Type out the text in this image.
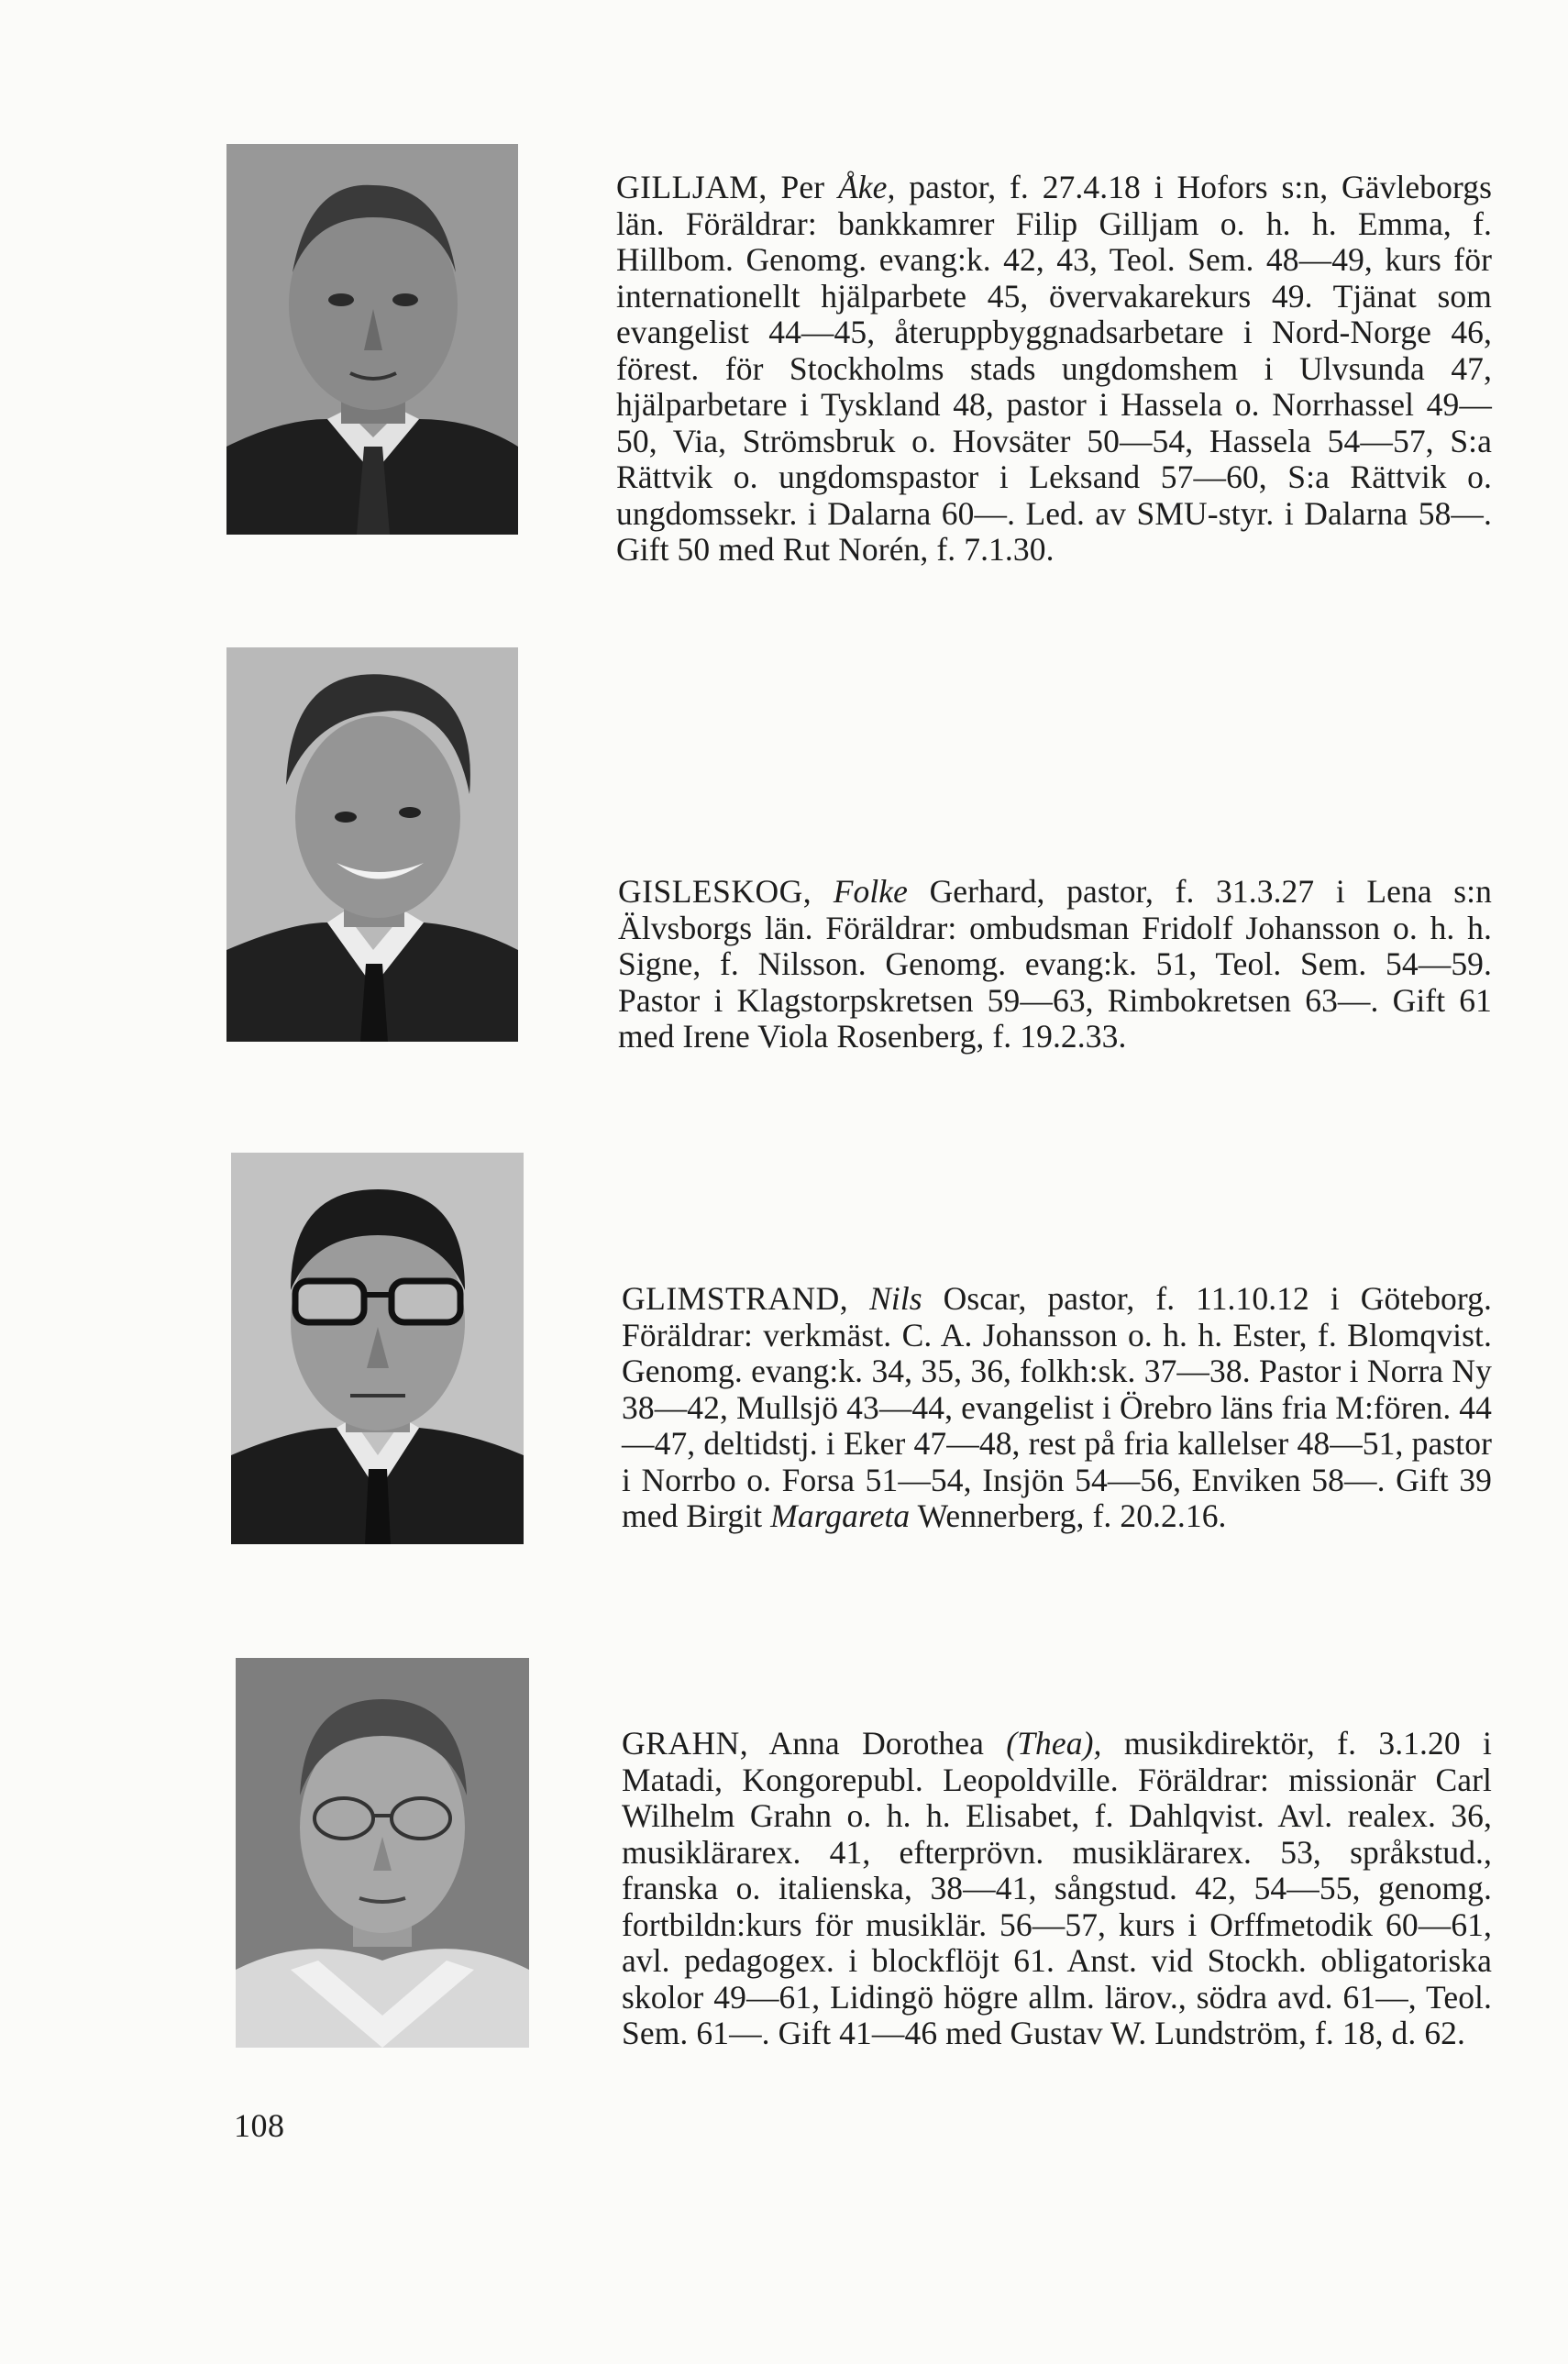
GILLJAM, Per Åke, pastor, f. 27.4.18 i Hofors s:n, Gävleborgs län. Föräldrar: bankkamrer Filip Gilljam o. h. h. Emma, f. Hillbom. Genomg. evang:k. 42, 43, Teol. Sem. 48—49, kurs för internationellt hjälparbete 45, övervakarekurs 49. Tjänat som evangelist 44—45, återuppbyggnadsarbetare i Nord-Norge 46, förest. för Stockholms stads ungdomshem i Ulvsunda 47, hjälparbetare i Tyskland 48, pastor i Hassela o. Norrhassel 49—50, Via, Strömsbruk o. Hovsäter 50—54, Hassela 54—57, S:a Rättvik o. ungdomspastor i Leksand 57—60, S:a Rättvik o. ungdomssekr. i Dalarna 60—. Led. av SMU-styr. i Dalarna 58—. Gift 50 med Rut Norén, f. 7.1.30.
GISLESKOG, Folke Gerhard, pastor, f. 31.3.27 i Lena s:n Älvsborgs län. Föräldrar: ombudsman Fridolf Johansson o. h. h. Signe, f. Nilsson. Genomg. evang:k. 51, Teol. Sem. 54—59. Pastor i Klagstorpskretsen 59—63, Rimbokretsen 63—. Gift 61 med Irene Viola Rosenberg, f. 19.2.33.
GLIMSTRAND, Nils Oscar, pastor, f. 11.10.12 i Göteborg. Föräldrar: verkmäst. C. A. Johansson o. h. h. Ester, f. Blomqvist. Genomg. evang:k. 34, 35, 36, folkh:sk. 37—38. Pastor i Norra Ny 38—42, Mullsjö 43—44, evangelist i Örebro läns fria M:fören. 44—47, deltidstj. i Eker 47—48, rest på fria kallelser 48—51, pastor i Norrbo o. Forsa 51—54, Insjön 54—56, Enviken 58—. Gift 39 med Birgit Margareta Wennerberg, f. 20.2.16.
GRAHN, Anna Dorothea (Thea), musikdirektör, f. 3.1.20 i Matadi, Kongorepubl. Leopoldville. Föräldrar: missionär Carl Wilhelm Grahn o. h. h. Elisabet, f. Dahlqvist. Avl. realex. 36, musiklärarex. 41, efterprövn. musiklärarex. 53, språkstud., franska o. italienska, 38—41, sångstud. 42, 54—55, genomg. fortbildn:kurs för musiklär. 56—57, kurs i Orffmetodik 60—61, avl. pedagogex. i blockflöjt 61. Anst. vid Stockh. obligatoriska skolor 49—61, Lidingö högre allm. lärov., södra avd. 61—, Teol. Sem. 61—. Gift 41—46 med Gustav W. Lundström, f. 18, d. 62.
108
